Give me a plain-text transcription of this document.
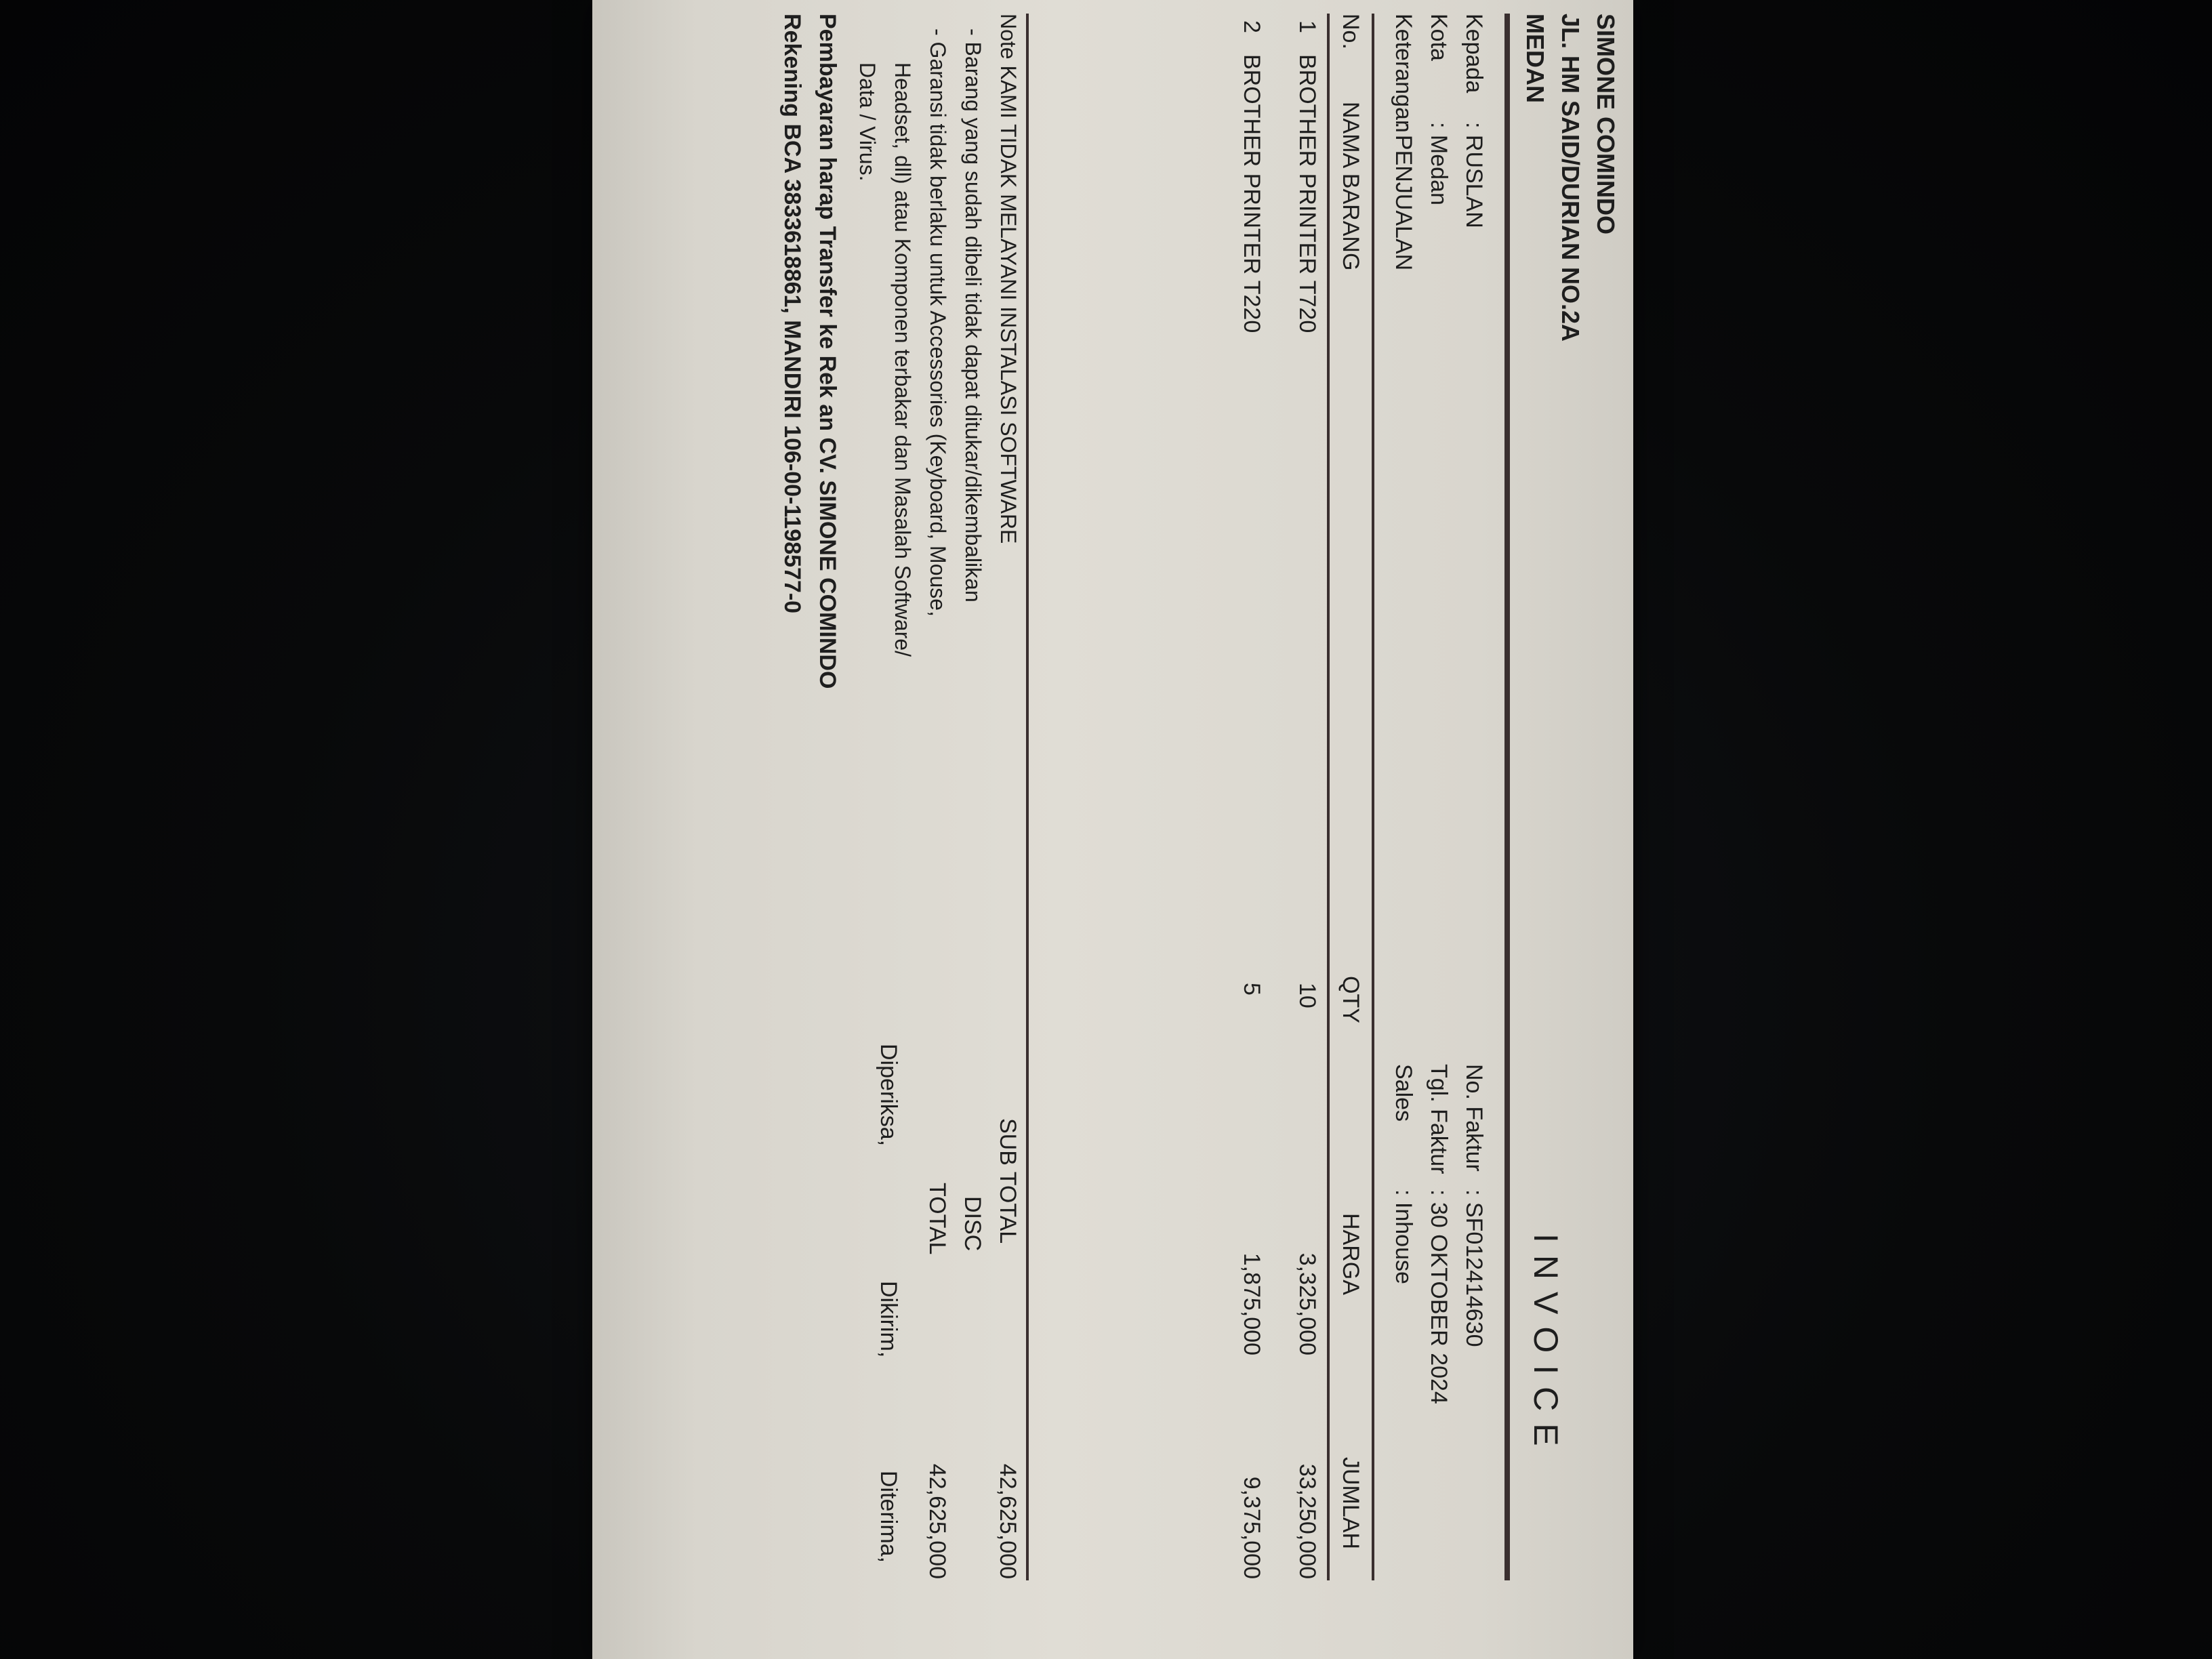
SIMONE COMINDO
JL. HM SAID/DURIAN NO.2A
MEDAN
INVOICE
Kepada
: RUSLAN
Kota
: Medan
Keterangan
: PENJUALAN
No. Faktur
: SF012414630
Tgl. Faktur
: 30 OKTOBER 2024
Sales
: Inhouse
No.
NAMA BARANG
QTY
HARGA
JUMLAH
1
BROTHER PRINTER T720
10
3,325,000
33,250,000
2
BROTHER PRINTER T220
5
1,875,000
9,375,000
SUB TOTAL
42,625,000
DISC
TOTAL
42,625,000
Note KAMI TIDAK MELAYANI INSTALASI SOFTWARE
- Barang yang sudah dibeli tidak dapat ditukar/dikembalikan
- Garansi tidak berlaku untuk Accessories (Keyboard, Mouse,
Headset, dll) atau Komponen terbakar dan Masalah Software/
Data / Virus.
Diperiksa,
Dikirim,
Diterima,
Pembayaran harap Transfer ke Rek an CV. SIMONE COMINDO
Rekening BCA 3833618861, MANDIRI 106-00-1198577-0
